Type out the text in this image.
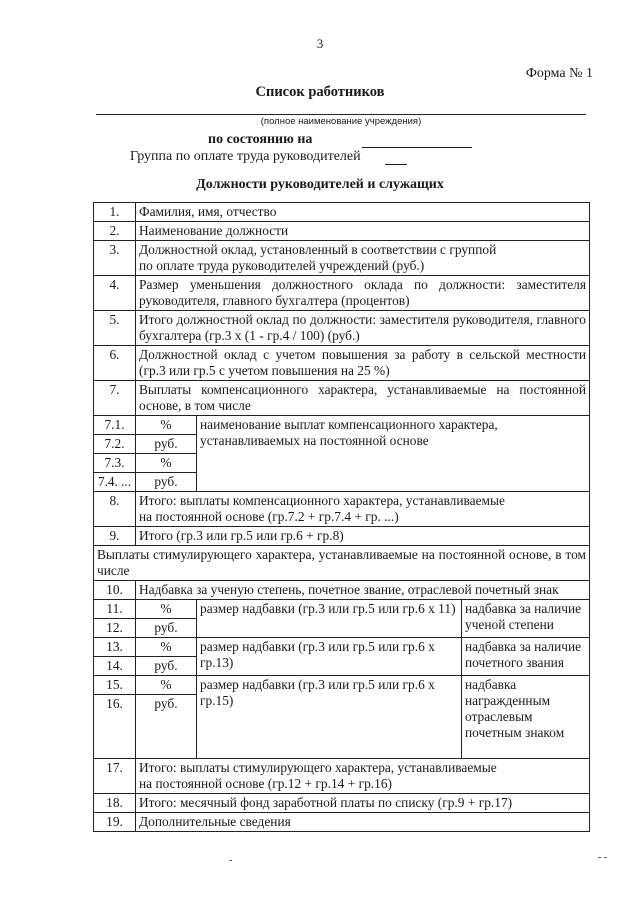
3
Форма № 1
Список работников
(полное наименование учреждения)
по состоянию на
Группа по оплате труда руководителей
Должности руководителей и служащих
1.	Фамилия, имя, отчество		
2.	Наименование должности		
3.	Должностной оклад, установленный в соответствии с группой
по оплате труда руководителей учреждений (руб.)		

4.	Размер уменьшения должностного оклада по должности: заместителя руководителя, главного бухгалтера (процентов)		
5.	Итого должностной оклад по должности: заместителя руководителя, главного бухгалтера (гр.3 х (1 - гр.4 / 100) (руб.)		
6.	Должностной оклад с учетом повышения за работу в сельской местности (гр.3 или гр.5 с учетом повышения на 25 %)		
7.	Выплаты компенсационного характера, устанавливаемые на постоянной основе, в том числе		
7.1.	%	наименование выплат компенсационного характера, устанавливаемых на постоянной основе	
7.2.	руб.		
7.3.	%		
7.4. ...	руб.		
8.	Итого: выплаты компенсационного характера, устанавливаемые
на постоянной основе (гр.7.2 + гр.7.4 + гр. ...)		

9.	Итого (гр.3 или гр.5 или гр.6 + гр.8)		
Выплаты стимулирующего характера, устанавливаемые на постоянной основе, в том числе			
10.	Надбавка за ученую степень, почетное звание, отраслевой почетный знак		
11.	%	размер надбавки (гр.3 или гр.5 или гр.6 х 11)	надбавка за наличие ученой степени
12.	руб.		
13.	%	размер надбавки (гр.3 или гр.5 или гр.6 х гр.13)	надбавка за наличие почетного звания
14.	руб.		
15.	%	размер надбавки (гр.3 или гр.5 или гр.6 х гр.15)	надбавка награжденным отраслевым почетным знаком
16.	руб.		
17.	Итого: выплаты стимулирующего характера, устанавливаемые
на постоянной основе (гр.12 + гр.14 + гр.16)		

18.	Итого: месячный фонд заработной платы по списку (гр.9 + гр.17)		
19.	Дополнительные сведения		
-	- -
